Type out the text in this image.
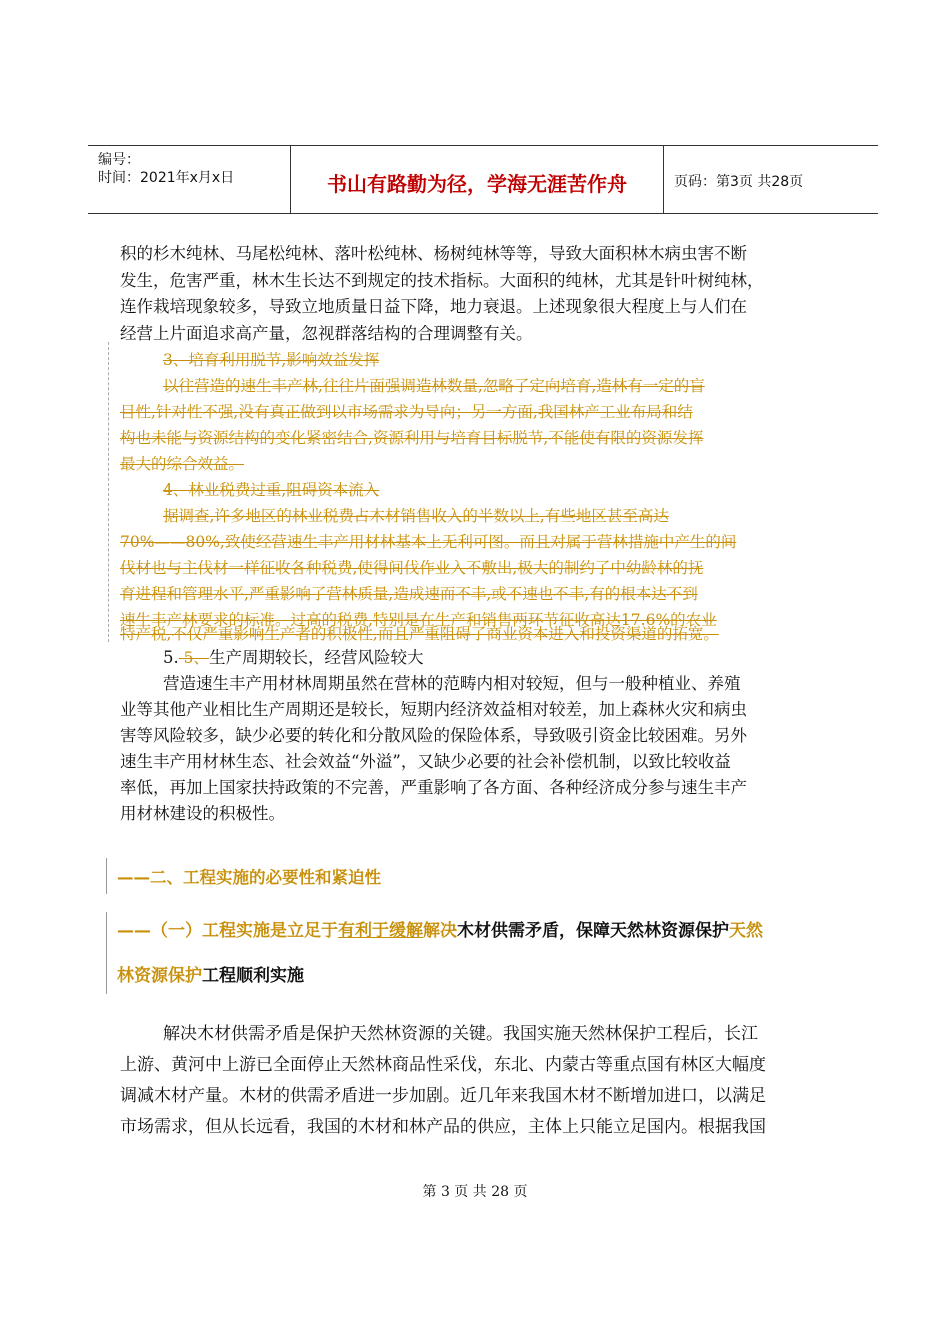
编号：
时间：2021年x月x日	书山有路勤为径，学海无涯苦作舟	页码：第3页 共28页

积的杉木纯林、马尾松纯林、落叶松纯林、杨树纯林等等，导致大面积林木病虫害不断

发生，危害严重，林木生长达不到规定的技术指标。大面积的纯林，尤其是针叶树纯林，

连作栽培现象较多，导致立地质量日益下降，地力衰退。上述现象很大程度上与人们在

经营上片面追求高产量，忽视群落结构的合理调整有关。

3、培育利用脱节,影响效益发挥

以往营造的速生丰产林,往往片面强调造林数量,忽略了定向培育,造林有一定的盲

目性,针对性不强,没有真正做到以市场需求为导向；另一方面,我国林产工业布局和结

构也未能与资源结构的变化紧密结合,资源利用与培育目标脱节,不能使有限的资源发挥

最大的综合效益。

4、林业税费过重,阻碍资本流入

据调查,许多地区的林业税费占木材销售收入的半数以上,有些地区甚至高达

70%——80%,致使经营速生丰产用材林基本上无利可图。而且对属于营林措施中产生的间

伐材也与主伐材一样征收各种税费,使得间伐作业入不敷出,极大的制约了中幼龄林的抚

育进程和管理水平,严重影响了营林质量,造成速而不丰,或不速也不丰,有的根本达不到

速生丰产林要求的标准。过高的税费,特别是在生产和销售两环节征收高达17.6%的农业

特产税,不仅严重影响生产者的积极性,而且严重阻碍了商业资本进入和投资渠道的拓宽。

5. 5、生产周期较长，经营风险较大

营造速生丰产用材林周期虽然在营林的范畴内相对较短，但与一般种植业、养殖

业等其他产业相比生产周期还是较长，短期内经济效益相对较差，加上森林火灾和病虫

害等风险较多，缺少必要的转化和分散风险的保险体系，导致吸引资金比较困难。另外

速生丰产用材林生态、社会效益“外溢”，又缺少必要的社会补偿机制，以致比较收益

率低，再加上国家扶持政策的不完善，严重影响了各方面、各种经济成分参与速生丰产

用材林建设的积极性。

——二、工程实施的必要性和紧迫性
——（一）工程实施是立足于有利于缓解解决木材供需矛盾，保障天然林资源保护天然
林资源保护工程顺利实施

解决木材供需矛盾是保护天然林资源的关键。我国实施天然林保护工程后，长江

上游、黄河中上游已全面停止天然林商品性采伐，东北、内蒙古等重点国有林区大幅度

调减木材产量。木材的供需矛盾进一步加剧。近几年来我国木材不断增加进口，以满足

市场需求，但从长远看，我国的木材和林产品的供应，主体上只能立足国内。根据我国

第 3 页 共 28 页
